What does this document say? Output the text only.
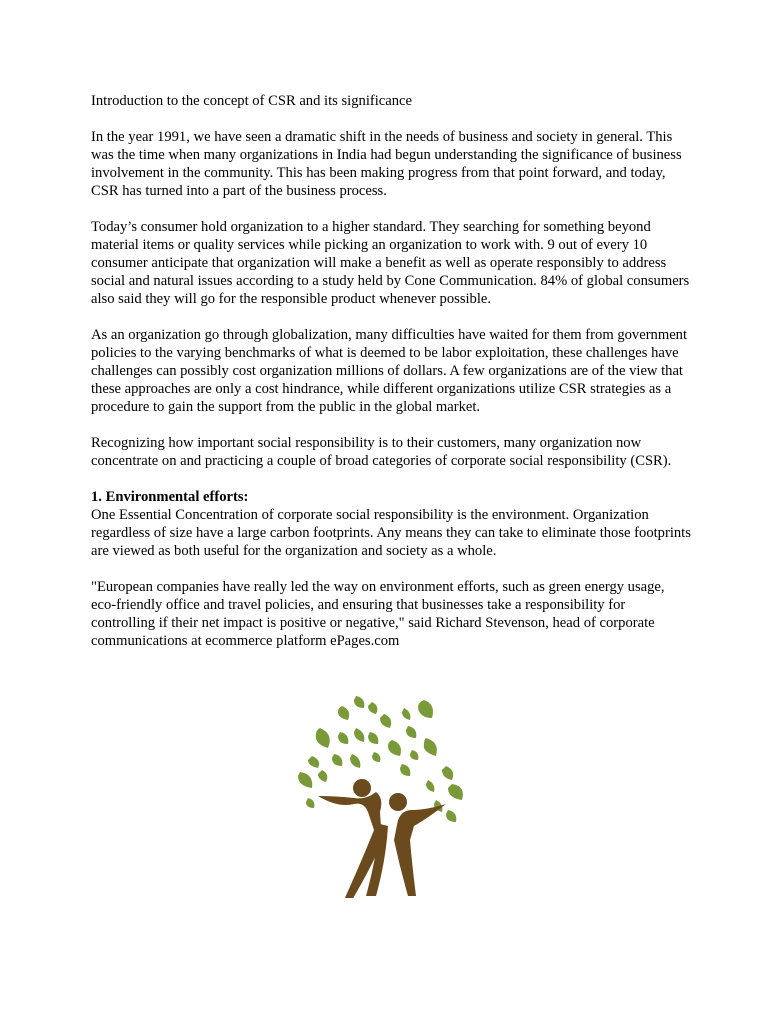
Introduction to the concept of CSR and its significance

In the year 1991, we have seen a dramatic shift in the needs of business and society in general. This was the time when many organizations in India had begun understanding the significance of business involvement in the community. This has been making progress from that point forward, and today, CSR has turned into a part of the business process.

Today’s consumer hold organization to a higher standard. They searching for something beyond material items or quality services while picking an organization to work with. 9 out of every 10 consumer anticipate that organization will make a benefit as well as operate responsibly to address social and natural issues according to a study held by Cone Communication. 84% of global consumers also said they will go for the responsible product whenever possible.

As an organization go through globalization, many difficulties have waited for them from government policies to the varying benchmarks of what is deemed to be labor exploitation, these challenges have challenges can possibly cost organization millions of dollars. A few organizations are of the view that these approaches are only a cost hindrance, while different organizations utilize CSR strategies as a procedure to gain the support from the public in the global market.

Recognizing how important social responsibility is to their customers, many organization now concentrate on and practicing a couple of broad categories of corporate social responsibility (CSR).

1. Environmental efforts:

One Essential Concentration of corporate social responsibility is the environment. Organization regardless of size have a large carbon footprints. Any means they can take to eliminate those footprints are viewed as both useful for the organization and society as a whole.

"European companies have really led the way on environment efforts, such as green energy usage, eco-friendly office and travel policies, and ensuring that businesses take a responsibility for controlling if their net impact is positive or negative," said Richard Stevenson, head of corporate communications at ecommerce platform ePages.com
